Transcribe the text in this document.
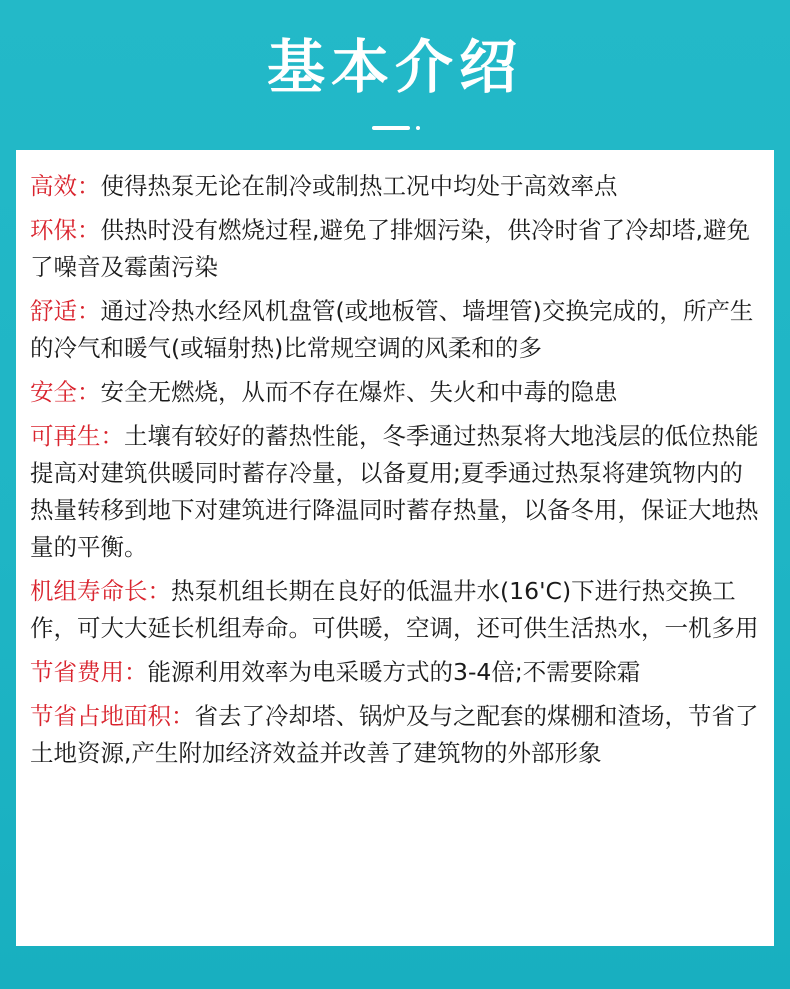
基本介绍
高效：使得热泵无论在制冷或制热工况中均处于高效率点
环保：供热时没有燃烧过程,避免了排烟污染，供冷时省了冷却塔,避免了噪音及霉菌污染
舒适：通过冷热水经风机盘管(或地板管、墙埋管)交换完成的，所产生的冷气和暖气(或辐射热)比常规空调的风柔和的多
安全：安全无燃烧，从而不存在爆炸、失火和中毒的隐患
可再生：土壤有较好的蓄热性能，冬季通过热泵将大地浅层的低位热能提高对建筑供暖同时蓄存冷量，以备夏用;夏季通过热泵将建筑物内的热量转移到地下对建筑进行降温同时蓄存热量，以备冬用，保证大地热量的平衡。
机组寿命长：热泵机组长期在良好的低温井水(16'C)下进行热交换工作，可大大延长机组寿命。可供暖，空调，还可供生活热水，一机多用
节省费用：能源利用效率为电采暖方式的3-4倍;不需要除霜
节省占地面积：省去了冷却塔、锅炉及与之配套的煤棚和渣场，节省了土地资源,产生附加经济效益并改善了建筑物的外部形象
